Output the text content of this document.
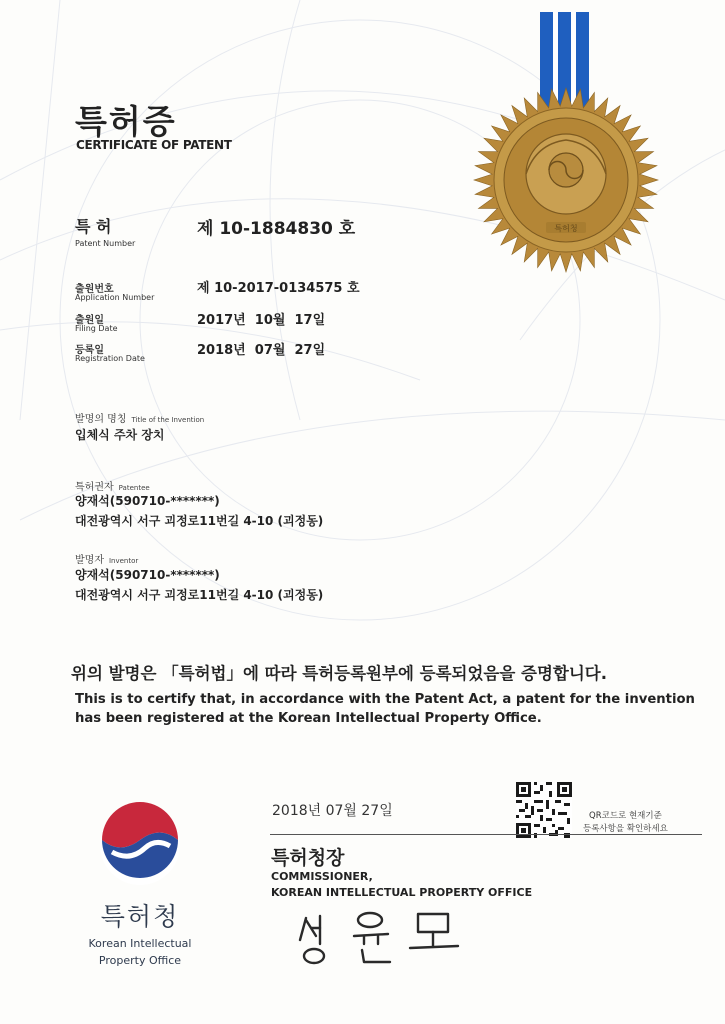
특허증
CERTIFICATE OF PATENT
특허청
특 허
Patent Number
제 10-1884830 호
출원번호
Application Number
제 10-2017-0134575 호
출원일
Filing Date
2017년  10월  17일
등록일
Registration Date
2018년  07월  27일
발명의 명칭 Title of the Invention
입체식 주차 장치
특허권자 Patentee
양재석(590710-*******)
대전광역시 서구 괴정로11번길 4-10 (괴정동)
발명자 Inventor
양재석(590710-*******)
대전광역시 서구 괴정로11번길 4-10 (괴정동)
위의 발명은 「특허법」에 따라 특허등록원부에 등록되었음을 증명합니다.
This is to certify that, in accordance with the Patent Act, a patent for the invention
has been registered at the Korean Intellectual Property Office.
2018년 07월 27일	QR코드로 현재기준
등록사항을 확인하세요
특허청장
COMMISSIONER,
KOREAN INTELLECTUAL PROPERTY OFFICE
특허청
Korean Intellectual
Property Office
